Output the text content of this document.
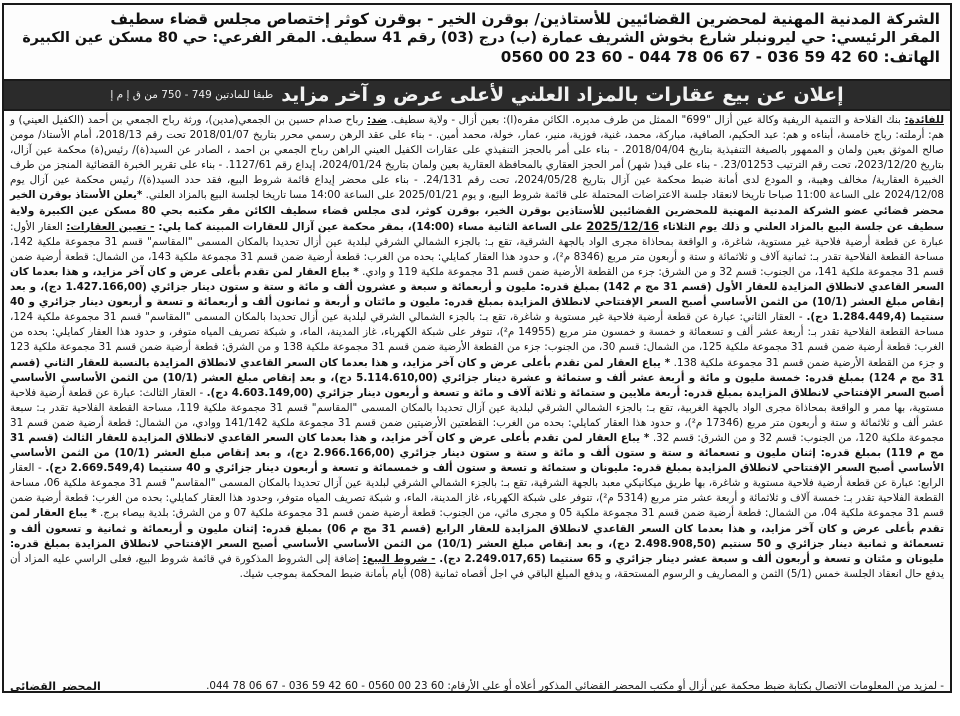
الشركة المدنية المهنية لمحضرين القضائيين للأستاذين/ بوقرن الخير - بوقرن كوثر إختصاص مجلس قضاء سطيف
المقر الرئيسي: حي ليرونبلر شارع بخوش الشريف عمارة (ب) درج (03) رقم 41 سطيف. المقر الفرعي: حي 80 مسكن عين الكبيرة
الهاتف: 60 42 59 036 - 67 06 78 044 - 60 23 00 0560
إعلان عن بيع عقارات بالمزاد العلني لأعلى عرض و آخر مزايد
طبقا للمادتين 749 - 750 من ق إ م إ

للفائدة: بنك الفلاحة و التنمية الريفية وكالة عين أزال "699" الممثل من طرف مديره. الكائن مقره(ا): بعين أزال - ولاية سطيف. ضد: رباح صدام حسين بن الجمعي(مدين)، ورثة رباح الجمعي بن أحمد (الكفيل العيني) و هم: أرملته: رباج خامسة، أبناءه و هم: عبد الحكيم، الصافية، مباركة، محمد، غنية، فوزية، منير، عمار، خولة، محمد أمين. - بناء على عقد الرهن رسمي محرر بتاريخ 2018/01/07 تحت رقم 2018/13، أمام الأستاذ/ مومن صالح الموثق بعين ولمان و الممهور بالصيغة التنفيذية بتاريخ 2018/04/04. - بناء على أمر بالحجز التنفيذي على عقارات الكفيل العيني الراهن رباح الجمعي بن احمد ، الصادر عن السيد(ة)/ رئيس(ة) محكمة عين آزال، بتاريخ 2023/12/20، تحت رقم الترتيب 23/01253. - بناء على قيد( شهر) أمر الحجز العقاري بالمحافظة العقارية بعين ولمان بتاريخ 2024/01/24، إيداع رقم 1127/61. - بناء على تقرير الخبرة القضائية المنجز من طرف الخبيرة العقارية/ مخالف وهيبة، و المودع لدى أمانة ضبط محكمة عين آزال بتاريخ 2024/05/28، تحت رقم 24/131. - بناء على محضر إيداع قائمة شروط البيع، فقد حدد السيد(ة)/ رئيس محكمة عين آزال يوم 2024/12/08 على الساعة 11:00 صباحا تاريخا لانعقاد جلسة الاعتراضات المحتملة على قائمة شروط البيع، و يوم 2025/01/21 على الساعة 14:00 مسا تاريخا لجلسة البيع بالمزاد العلني. *يعلن الأستاذ بوقرن الخير محضر قضائي عضو الشركة المدنية المهنية للمحضرين القضائيين للأستاذين بوقرن الخير، بوقرن كوثر، لدى مجلس قضاء سطيف الكائن مقر مكتبه بحي 80 مسكن عين الكبيرة ولاية سطيف عن جلسة البيع بالمزاد العلني و ذلك يوم الثلاثاء 2025/12/16 على الساعة الثانية مساء (14:00)، بمقر محكمة عين آزال للعقارات المبينة كما يلي: - تعيين العقارات: العقار الأول: عبارة عن قطعة أرضية فلاحية غير مستوية، شاغرة، و الواقعة بمحاذاة مجرى الواد بالجهة الشرقية، تقع بـ: بالجزء الشمالي الشرقي لبلدية عين أزال تحديدا بالمكان المسمى "المقاسم" قسم 31 مجموعة ملكية 142، مساحة القطعة الفلاحية تقدر بـ: ثمانية آلاف و ثلاثمائة و ستة و أربعون متر مربع (8346 م²)، و حدود هذا العقار كمايلي: بحده من الغرب: قطعة أرضية ضمن قسم 31 مجموعة ملكية 143، من الشمال: قطعة أرضية ضمن قسم 31 مجموعة ملكية 141، من الجنوب: قسم 32 و من الشرق: جزء من القطعة الأرضية ضمن قسم 31 مجموعة ملكية 119 و وادي. * يباع العقار لمن تقدم بأعلى عرض و كان آخر مزايد، و هذا بعدما كان السعر القاعدي لانطلاق المزايدة للعقار الأول (قسم 31 مج م 142) بمبلغ قدره: مليون و أربعمائة و سبعة و عشرون ألف و مائة و ستة و ستون دينار جزائري (1.427.166,00 دج)، و بعد إنقاص مبلغ العشر (10/1) من الثمن الأساسي أصبح السعر الإفتتاحي لانطلاق المزايدة بمبلغ قدره: مليون و مائتان و أربعة و ثمانون ألف و أربعمائة و تسعة و أربعون دينار جزائري و 40 سنتيما (1.284.449,4 دج). - العقار الثاني: عبارة عن قطعة أرضية فلاحية غير مستوية و شاغرة، تقع بـ: بالجزء الشمالي الشرقي لبلدية عين أزال تحديدا بالمكان المسمى "المقاسم" قسم 31 مجموعة ملكية 124، مساحة القطعة الفلاحية تقدر بـ: أربعة عشر ألف و تسعمائة و خمسة و خمسون متر مربع (14955 م²)، تتوفر على شبكة الكهرباء، غاز المدينة، الماء، و شبكة تصريف المياه متوفر، و حدود هذا العقار كمايلي: بحده من الغرب: قطعة أرضية ضمن قسم 31 مجموعة ملكية 125، من الشمال: قسم 30، من الجنوب: جزء من القطعة الأرضية ضمن قسم 31 مجموعة ملكية 138 و من الشرق: قطعة أرضية ضمن قسم 31 مجموعة ملكية 123 و جزء من القطعة الأرضية ضمن قسم 31 مجموعة ملكية 138. * يباع العقار لمن تقدم بأعلى عرض و كان آخر مزايد، و هذا بعدما كان السعر القاعدي لانطلاق المزايدة بالنسبة للعقار الثاني (قسم 31 مج م 124) بمبلغ قدره: خمسة مليون و مائة و أربعة عشر ألف و ستمائة و عشرة دينار جزائري (5.114.610,00 دج)، و بعد إنقاص مبلغ العشر (10/1) من الثمن الأساسي الأساسي أصبح السعر الإفتتاحي لانطلاق المزايدة بمبلغ قدره: أربعة ملايين و ستمائة و ثلاثة آلاف و مائة و تسعة و أربعون دينار جزائري (4.603.149,00 دج). - العقار الثالث: عبارة عن قطعة أرضية فلاحية مستوية، بها ممر و الواقعة بمحاذاة مجرى الواد بالجهة الغربية، تقع بـ: بالجزء الشمالي الشرقي لبلدية عين آزال تحديدا بالمكان المسمى "المقاسم" قسم 31 مجموعة ملكية 119، مساحة القطعة الفلاحية تقدر بـ: سبعة عشر ألف و ثلاثمائة و ستة و أربعون متر مربع (17346 م²)، و حدود هذا العقار كمايلي: بحده من الغرب: القطعتين الأرضيتين ضمن قسم 31 مجموعة ملكية 141/142 ووادي، من الشمال: قطعة أرضية ضمن قسم 31 مجموعة ملكية 120، من الجنوب: قسم 32 و من الشرق: قسم 32. * يباع العقار لمن تقدم بأعلى عرض و كان آخر مزايد، و هذا بعدما كان السعر القاعدي لانطلاق المزايدة للعقار الثالث (قسم 31 مج م 119) بمبلغ قدره: إثنان مليون و تسعمائة و ستة و ستون ألف و مائة و ستة و ستون دينار جزائري (2.966.166,00 دج)، و بعد إنقاص مبلغ العشر (10/1) من الثمن الأساسي الأساسي أصبح السعر الإفتتاحي لانطلاق المزايدة بمبلغ قدره: مليونان و ستمائة و تسعة و ستون ألف و خمسمائة و تسعة و أربعون دينار جزائري و 40 سنتيما (2.669.549,4 دج). - العقار الرابع: عبارة عن قطعة أرضية فلاحية مستوية و شاغرة، بها طريق ميكانيكي معبد بالجهة الشرقية، تقع بـ: بالجزء الشمالي الشرقي لبلدية عين آزال تحديدا بالمكان المسمى "المقاسم" قسم 31 مجموعة ملكية 06، مساحة القطعة الفلاحية تقدر بـ: خمسة آلاف و ثلاثمائة و أربعة عشر متر مربع (5314 م²)، تتوفر على شبكة الكهرباء، غاز المدينة، الماء، و شبكة تصريف المياه متوفر، وحدود هذا العقار كمايلي: بحده من الغرب: قطعة أرضية ضمن قسم 31 مجموعة ملكية 04، من الشمال: قطعة أرضية ضمن قسم 31 مجموعة ملكية 05 و مجرى مائي، من الجنوب: قطعة أرضية ضمن قسم 31 مجموعة ملكية 07 و من الشرق: بلدية بيصاء برج. * يباع العقار لمن تقدم بأعلى عرض و كان آخر مزايد، و هذا بعدما كان السعر القاعدي لانطلاق المزايدة للعقار الرابع (قسم 31 مج م 06) بمبلغ قدره: إثنان مليون و أربعمائة و ثمانية و تسعون ألف و تسعمائة و ثمانية دينار جزائري و 50 سنتيم (2.498.908,50 دج)، و بعد إنقاص مبلغ العشر (10/1) من الثمن الأساسي الأساسي أصبح السعر الإفتتاحي لانطلاق المزايدة بمبلغ قدره: مليونان و مئتان و تسعة و أربعون ألف و سبعة عشر دينار جزائري و 65 سنتيما (2.249.017,65 دج). - شروط البيع: إضافة إلى الشروط المذكورة في قائمة شروط البيع، فعلى الراسي عليه المزاد أن يدفع حال انعقاد الجلسة خمس (5/1) الثمن و المصاريف و الرسوم المستحقة، و يدفع المبلغ الباقي في اجل أقصاه ثمانية (08) أيام بأمانة ضبط المحكمة بموجب شيك.

- لمزيد من المعلومات الاتصال بكتابة ضبط محكمة عين أزال أو مكتب المحضر القضائي المذكور أعلاه أو على الأرقام: 60 23 00 0560 - 60 42 59 036 - 67 06 78 044.
المحضر القضائي
